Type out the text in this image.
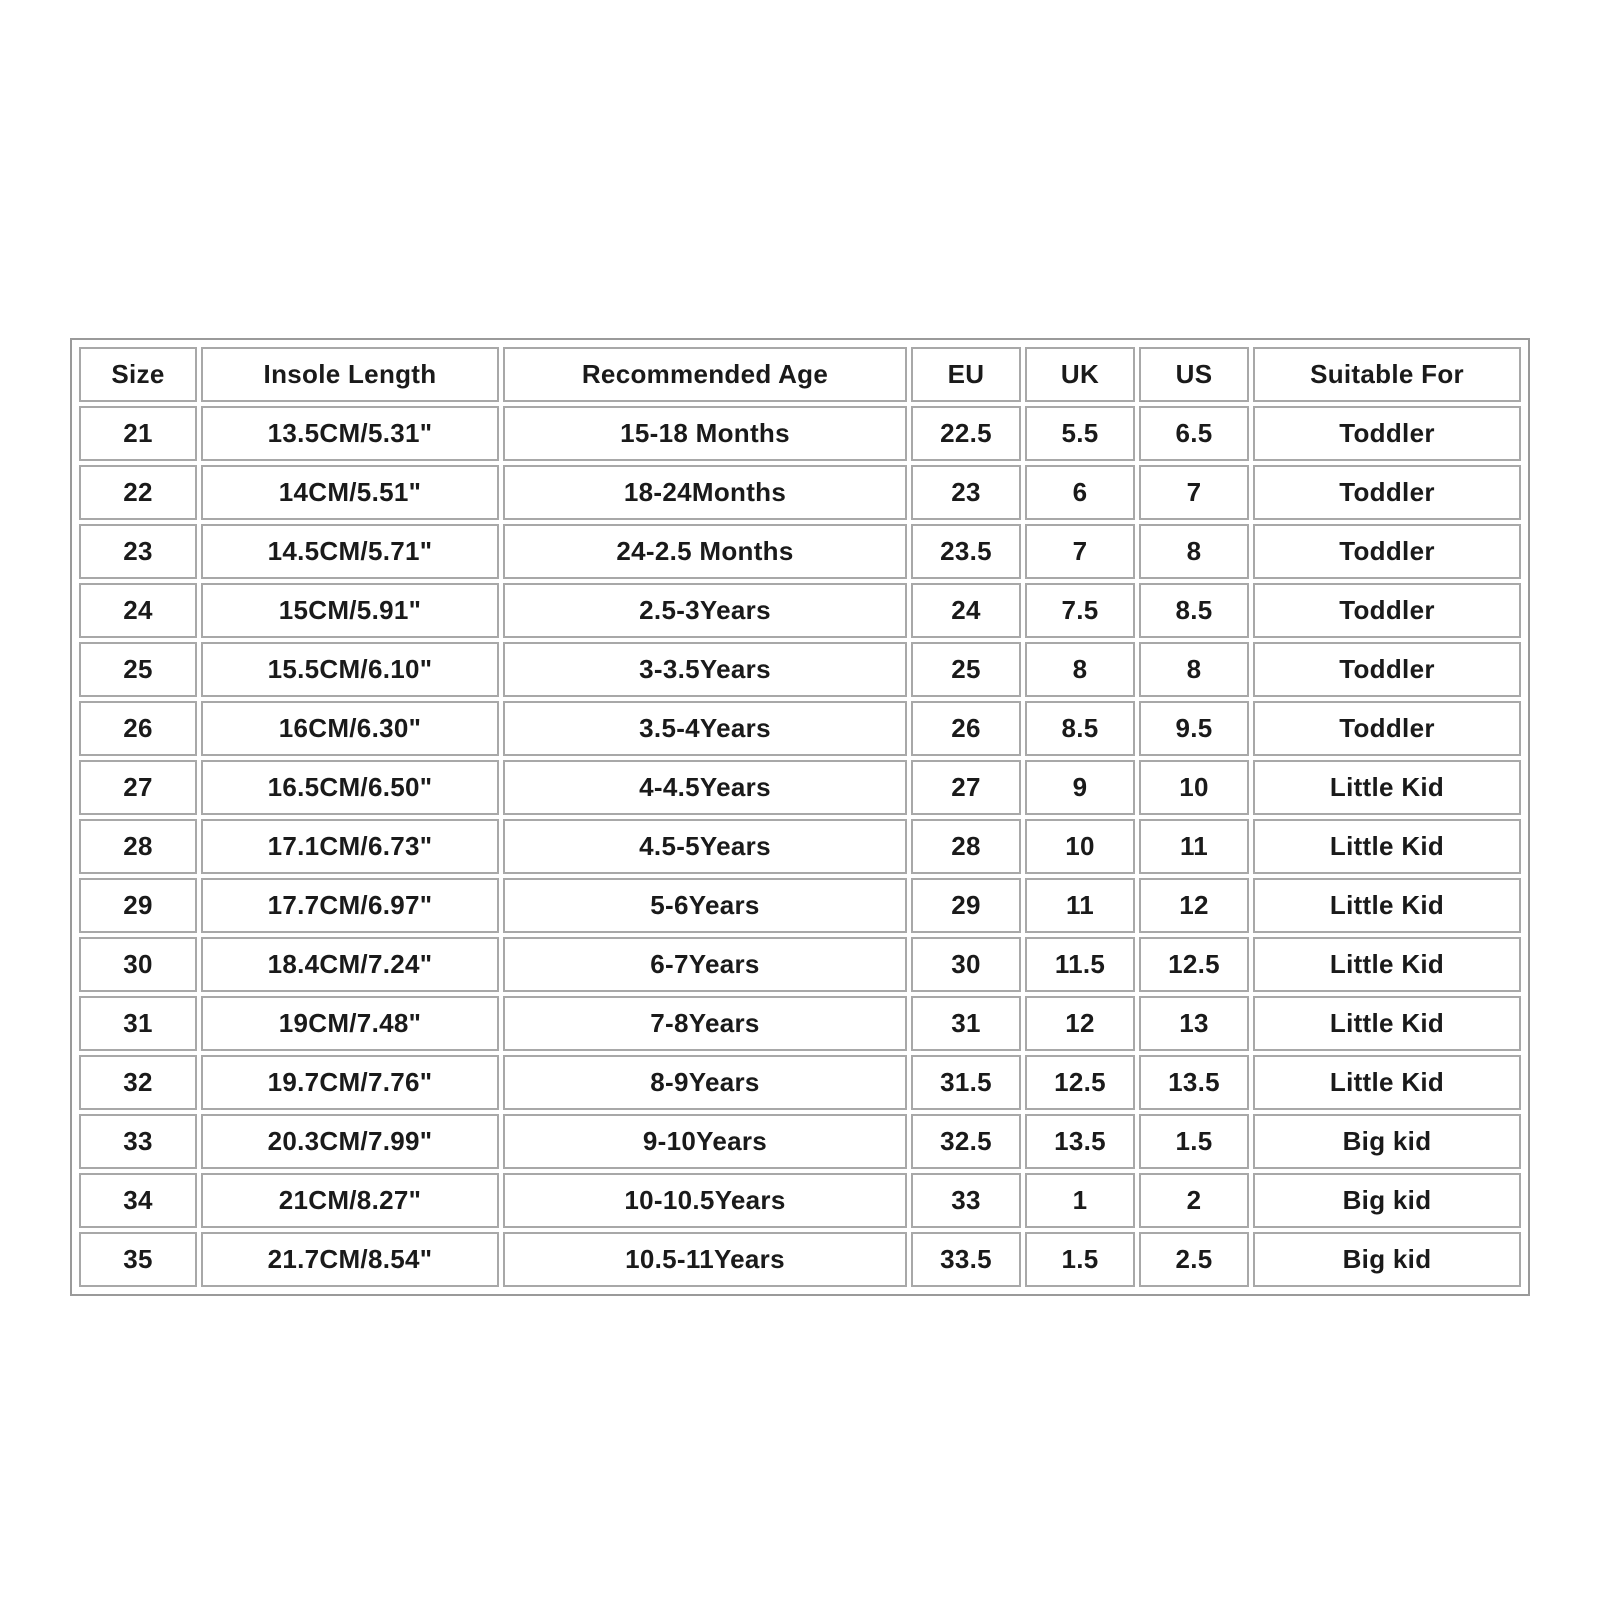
Size	Insole Length	Recommended Age	EU	UK	US	Suitable For
21	13.5CM/5.31"	15-18 Months	22.5	5.5	6.5	Toddler
22	14CM/5.51"	18-24Months	23	6	7	Toddler
23	14.5CM/5.71"	24-2.5 Months	23.5	7	8	Toddler
24	15CM/5.91"	2.5-3Years	24	7.5	8.5	Toddler
25	15.5CM/6.10"	3-3.5Years	25	8	8	Toddler
26	16CM/6.30"	3.5-4Years	26	8.5	9.5	Toddler
27	16.5CM/6.50"	4-4.5Years	27	9	10	Little Kid
28	17.1CM/6.73"	4.5-5Years	28	10	11	Little Kid
29	17.7CM/6.97"	5-6Years	29	11	12	Little Kid
30	18.4CM/7.24"	6-7Years	30	11.5	12.5	Little Kid
31	19CM/7.48"	7-8Years	31	12	13	Little Kid
32	19.7CM/7.76"	8-9Years	31.5	12.5	13.5	Little Kid
33	20.3CM/7.99"	9-10Years	32.5	13.5	1.5	Big kid
34	21CM/8.27"	10-10.5Years	33	1	2	Big kid
35	21.7CM/8.54"	10.5-11Years	33.5	1.5	2.5	Big kid
